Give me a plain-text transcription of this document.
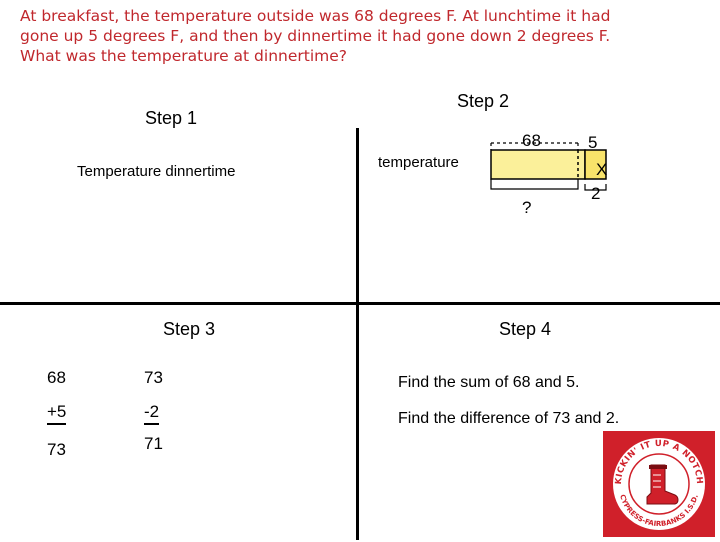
At breakfast, the temperature outside was 68 degrees F. At lunchtime it had
gone up 5 degrees F, and then by dinnertime it had gone down 2 degrees F.
What was the temperature at dinnertime?
Step 1
Temperature dinnertime
Step 2
temperature
68	5
X
2
?
Step 3
68
+5
73
73
-2
71
Step 4
Find the sum of 68 and 5.
Find the difference of 73 and 2.
KICKIN' IT UP A NOTCH
CYPRESS-FAIRBANKS I.S.D.
